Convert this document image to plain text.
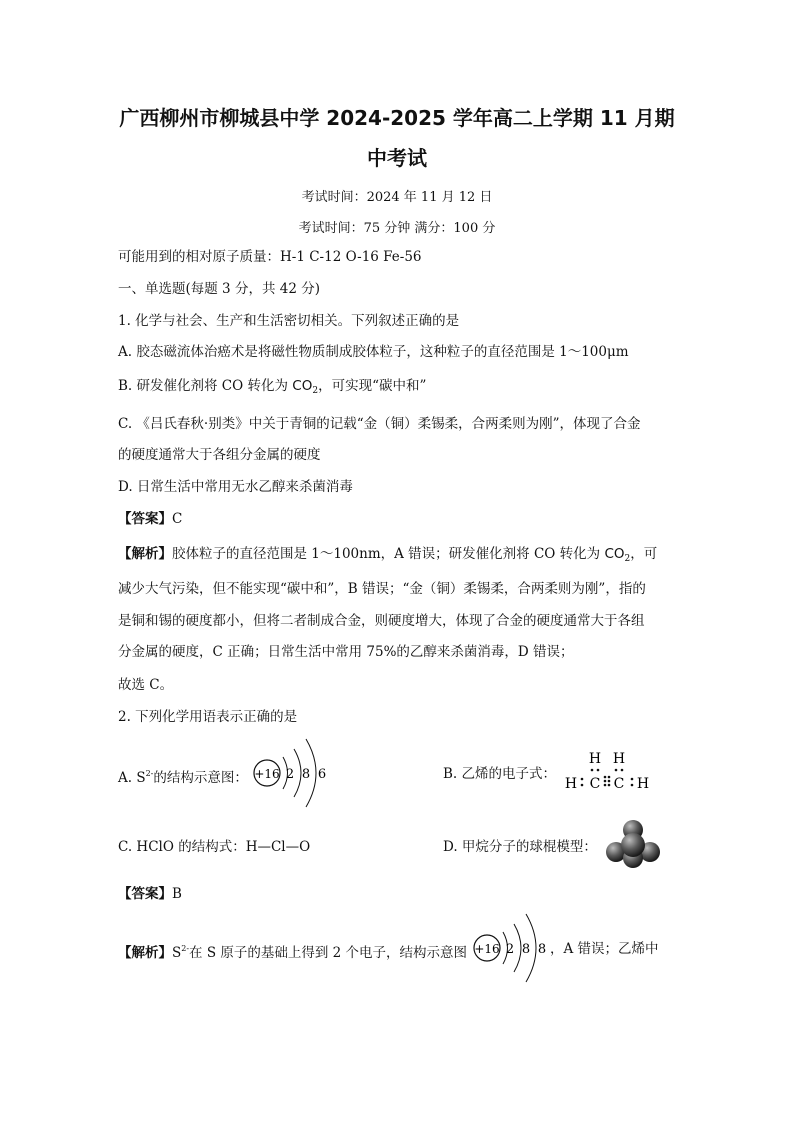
广西柳州市柳城县中学 2024-2025 学年高二上学期 11 月期
中考试
考试时间：2024 年 11 月 12 日
考试时间：75 分钟 满分：100 分
可能用到的相对原子质量：H-1 C-12 O-16 Fe-56
一、单选题(每题 3 分，共 42 分)
1. 化学与社会、生产和生活密切相关。下列叙述正确的是
A. 胶态磁流体治癌术是将磁性物质制成胶体粒子，这种粒子的直径范围是 1～100μm
B. 研发催化剂将 CO 转化为 $CO_2$，可实现“碳中和”
C. 《吕氏春秋·别类》中关于青铜的记载“金（铜）柔锡柔，合两柔则为刚”，体现了合金
的硬度通常大于各组分金属的硬度
D. 日常生活中常用无水乙醇来杀菌消毒
【答案】C
【解析】胶体粒子的直径范围是 1～100nm，A 错误；研发催化剂将 CO 转化为 $CO_2$，可
减少大气污染，但不能实现“碳中和”，B 错误；“金（铜）柔锡柔，合两柔则为刚”，指的
是铜和锡的硬度都小，但将二者制成合金，则硬度增大，体现了合金的硬度通常大于各组
分金属的硬度，C 正确；日常生活中常用 75%的乙醇来杀菌消毒，D 错误；
故选 C。
2. 下列化学用语表示正确的是
A. $S^{2-}$的结构示意图： +16 2 8 6	B. 乙烯的电子式：
H H
H C C H
C. HClO 的结构式：H—Cl—O	D. 甲烷分子的球棍模型：
【答案】B
【解析】$S^{2-}$在 S 原子的基础上得到 2 个电子，结构示意图 +16 2 8 8 ，A 错误；乙烯中
